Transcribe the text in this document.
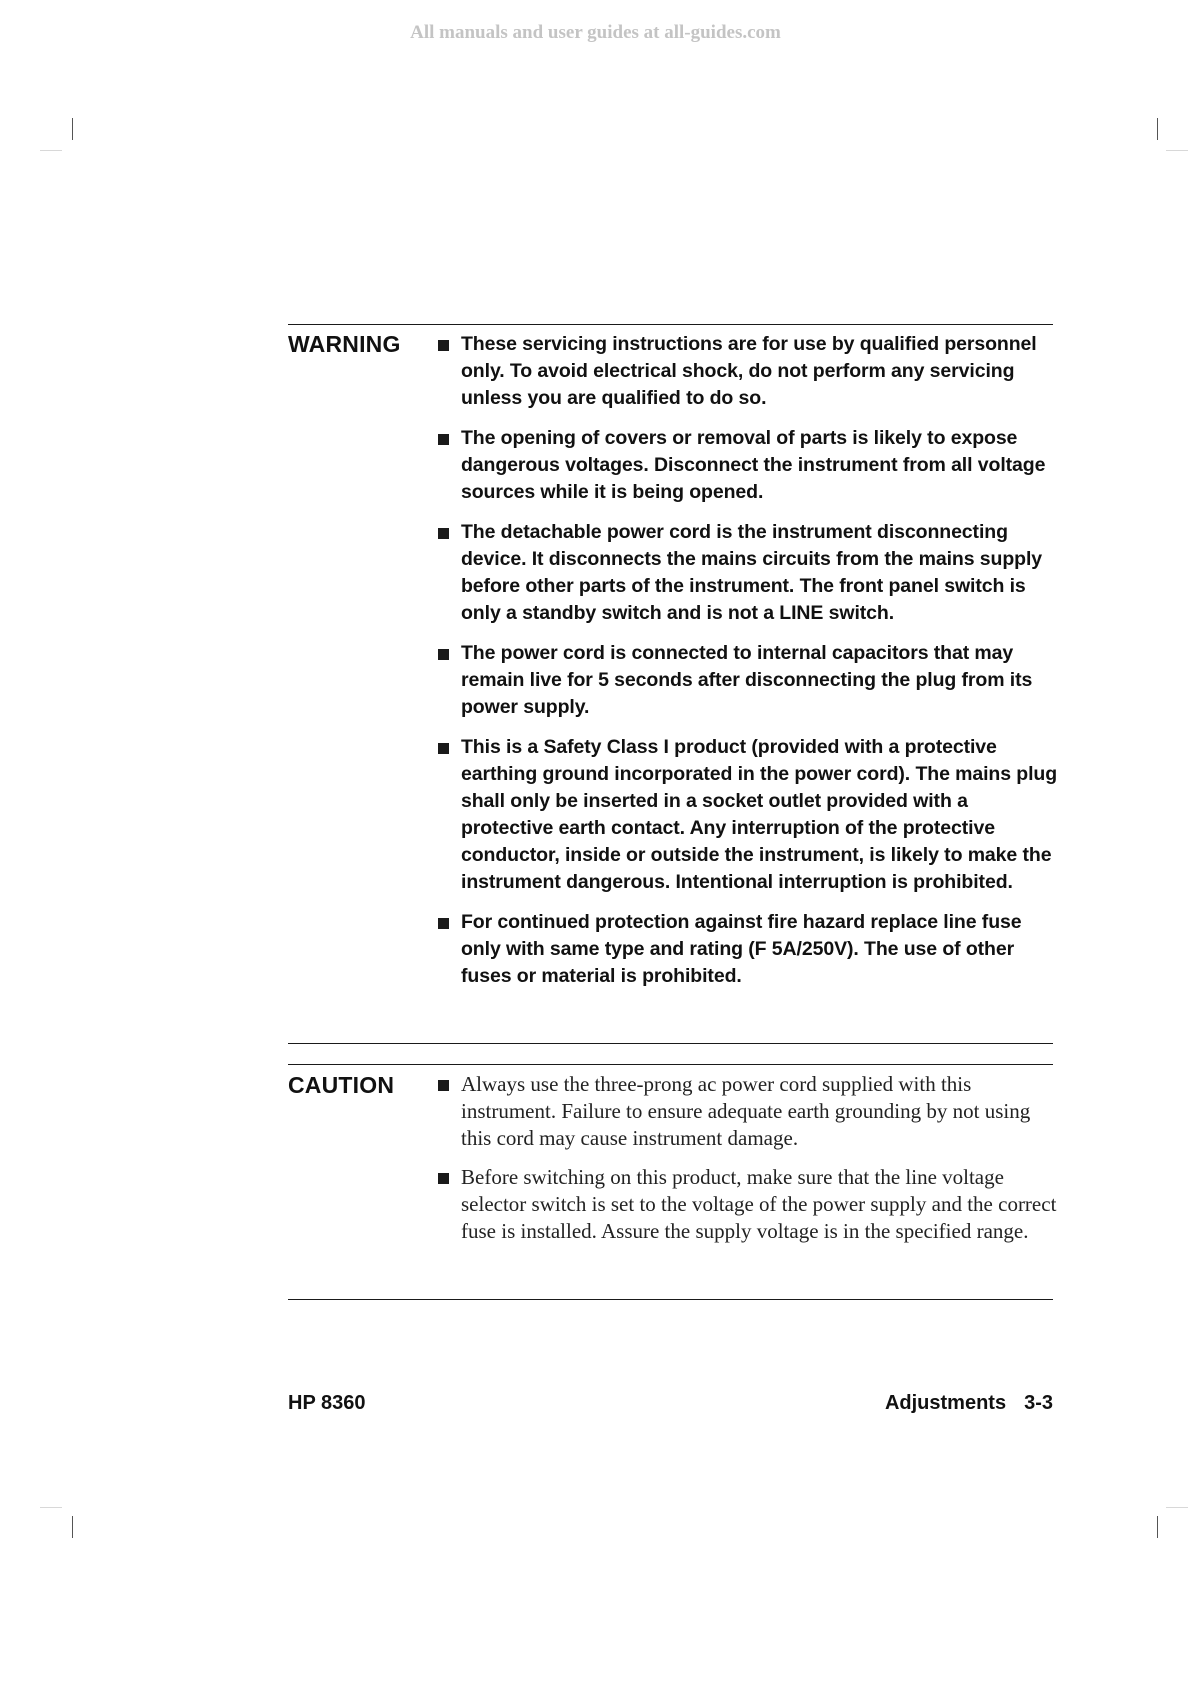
All manuals and user guides at all-guides.com
WARNING	These servicing instructions are for use by qualified personnel only. To avoid electrical shock, do not perform any servicing unless you are qualified to do so.
The opening of covers or removal of parts is likely to expose dangerous voltages. Disconnect the instrument from all voltage sources while it is being opened.
The detachable power cord is the instrument disconnecting device. It disconnects the mains circuits from the mains supply before other parts of the instrument. The front panel switch is only a standby switch and is not a LINE switch.
The power cord is connected to internal capacitors that may remain live for 5 seconds after disconnecting the plug from its power supply.
This is a Safety Class I product (provided with a protective earthing ground incorporated in the power cord). The mains plug shall only be inserted in a socket outlet provided with a protective earth contact. Any interruption of the protective conductor, inside or outside the instrument, is likely to make the instrument dangerous. Intentional interruption is prohibited.
For continued protection against fire hazard replace line fuse only with same type and rating (F 5A/250V). The use of other fuses or material is prohibited.
CAUTION	Always use the three-prong ac power cord supplied with this instrument. Failure to ensure adequate earth grounding by not using this cord may cause instrument damage.
Before switching on this product, make sure that the line voltage selector switch is set to the voltage of the power supply and the correct fuse is installed. Assure the supply voltage is in the specified range.
HP 8360	Adjustments 3-3
